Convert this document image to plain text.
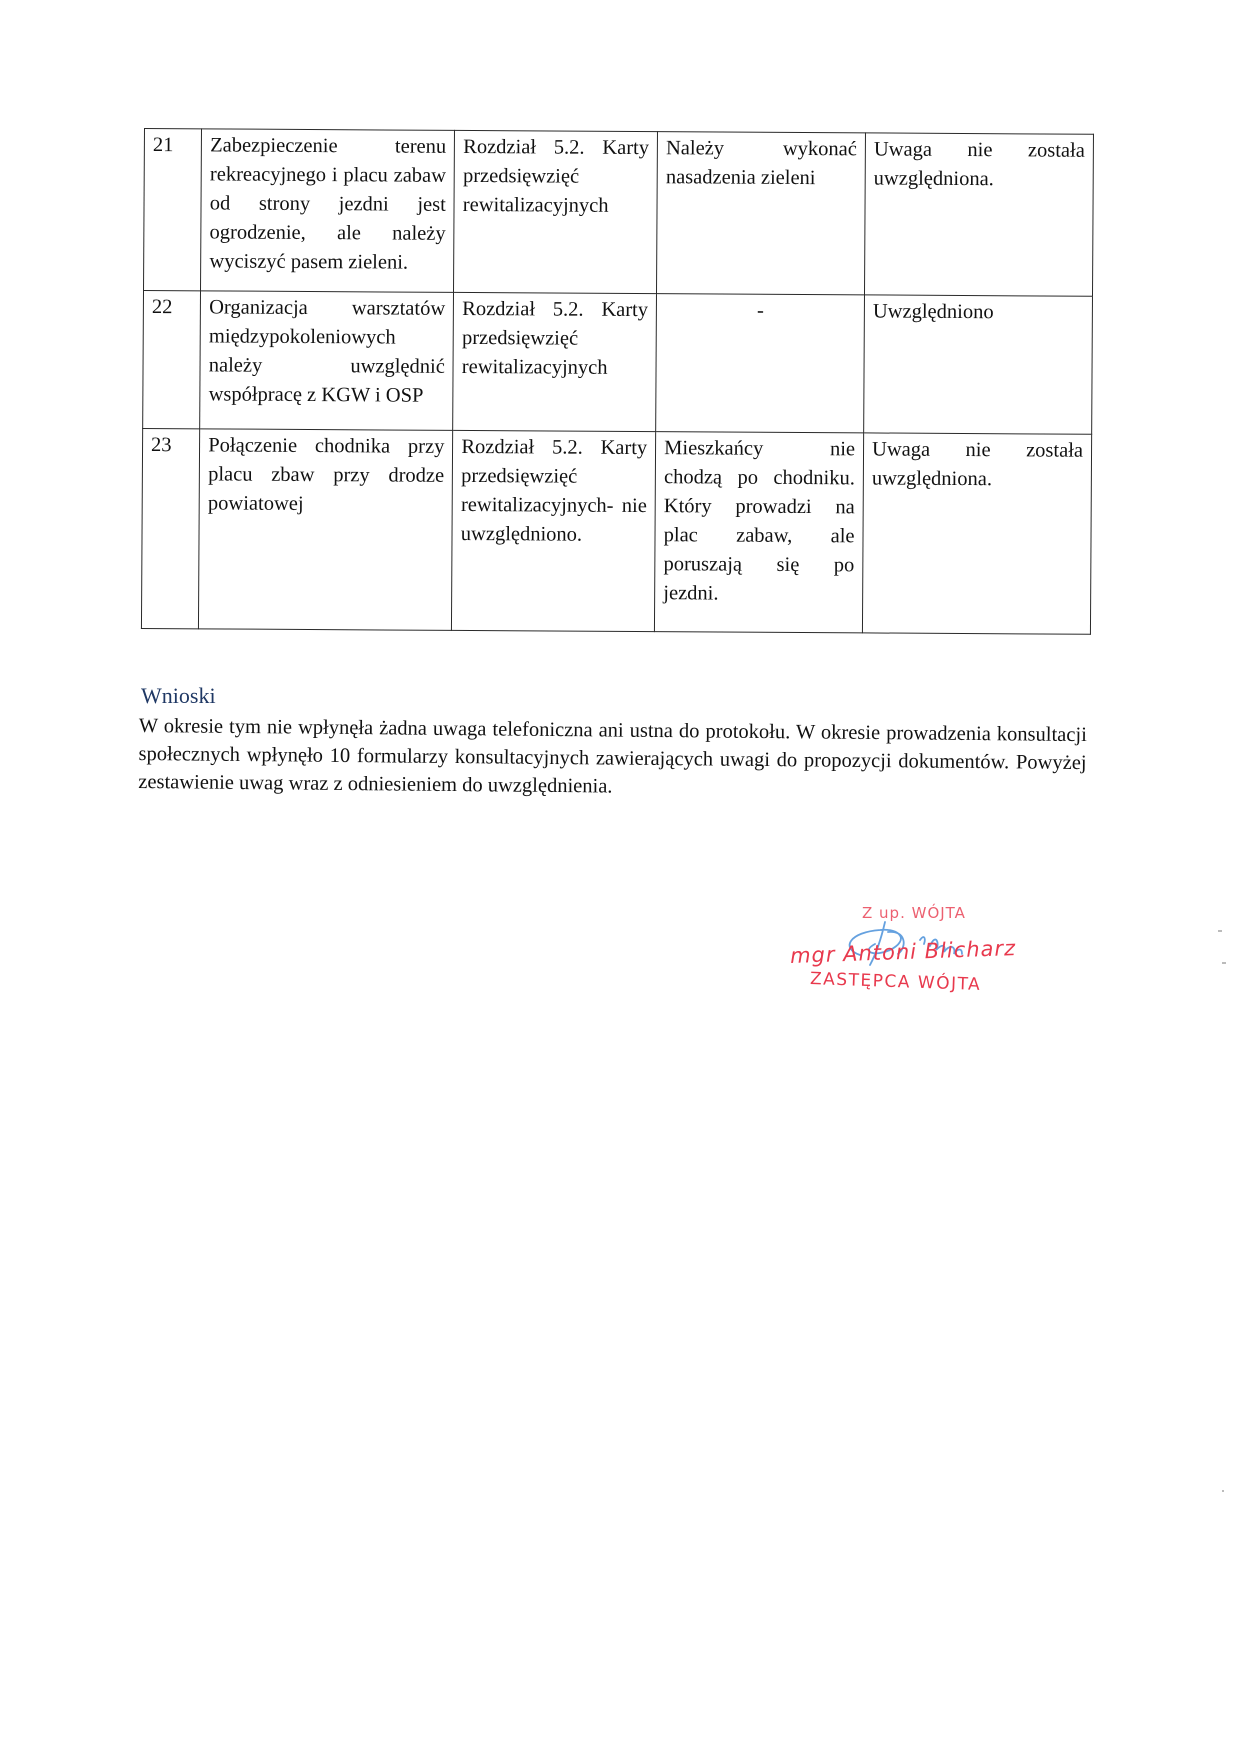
21	Zabezpieczenie terenu rekreacyjnego i placu zabaw od strony jezdni jest ogrodzenie, ale należy wyciszyć pasem zieleni.	Rozdział 5.2. Karty przedsięwzięć rewitalizacyjnych	Należy wykonać nasadzenia zieleni	Uwaga nie została uwzględniona.
22	Organizacja warsztatów międzypokoleniowych należy uwzględnić współpracę z KGW i OSP	Rozdział 5.2. Karty przedsięwzięć rewitalizacyjnych	-	Uwzględniono
23	Połączenie chodnika przy placu zbaw przy drodze powiatowej	Rozdział 5.2. Karty przedsięwzięć rewitalizacyjnych- nie uwzględniono.	Mieszkańcy nie chodzą po chodniku. Który prowadzi na plac zabaw, ale poruszają się po jezdni.	Uwaga nie została uwzględniona.
Wnioski
W okresie tym nie wpłynęła żadna uwaga telefoniczna ani ustna do protokołu. W okresie prowadzenia konsultacji społecznych wpłynęło 10 formularzy konsultacyjnych zawierających uwagi do propozycji dokumentów. Powyżej zestawienie uwag wraz z odniesieniem do uwzględnienia.
Z up. WÓJTA
mgr Antoni Blicharz
ZASTĘPCA WÓJTA
